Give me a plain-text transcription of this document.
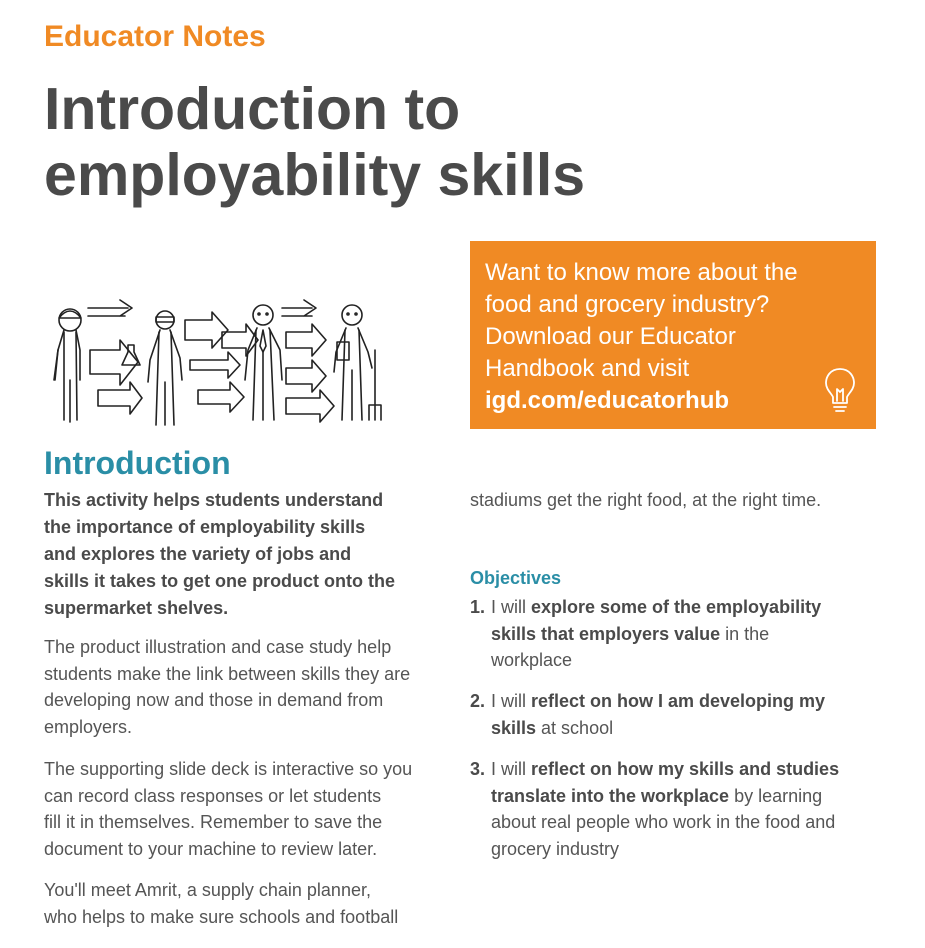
Educator Notes
Introduction to
employability skills
Want to know more about the
food and grocery industry?
Download our Educator
Handbook and visit
igd.com/educatorhub
Introduction
This activity helps students understand
the importance of employability skills
and explores the variety of jobs and
skills it takes to get one product onto the
supermarket shelves.
The product illustration and case study help
students make the link between skills they are
developing now and those in demand from
employers.
The supporting slide deck is interactive so you
can record class responses or let students
fill it in themselves. Remember to save the
document to your machine to review later.
You'll meet Amrit, a supply chain planner,
who helps to make sure schools and football
stadiums get the right food, at the right time.
Objectives
1. I will explore some of the employability
skills that employers value in the
workplace
2. I will reflect on how I am developing my
skills at school
3. I will reflect on how my skills and studies
translate into the workplace by learning
about real people who work in the food and
grocery industry
